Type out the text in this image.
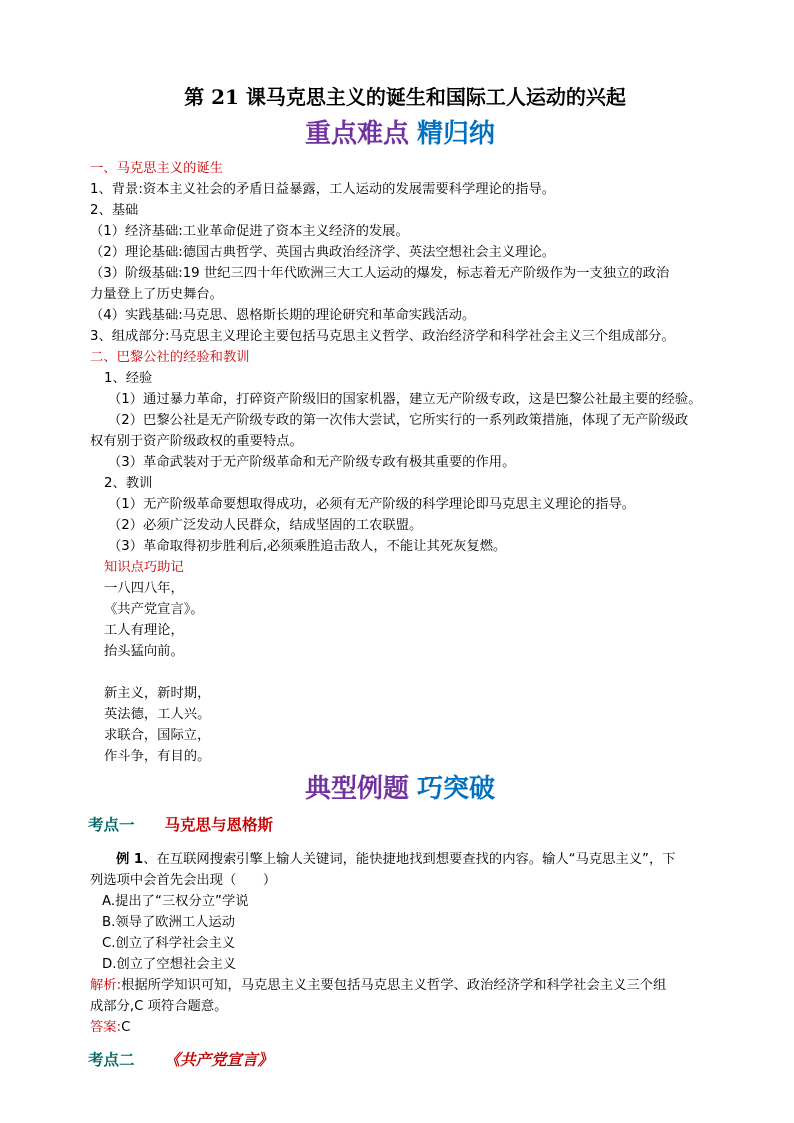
第 21 课马克思主义的诞生和国际工人运动的兴起
重点难点 精归纳

一、马克思主义的诞生

1、背景:资本主义社会的矛盾日益暴露，工人运动的发展需要科学理论的指导。

2、基础

（1）经济基础:工业革命促进了资本主义经济的发展。

（2）理论基础:德国古典哲学、英国古典政治经济学、英法空想社会主义理论。

（3）阶级基础:19 世纪三四十年代欧洲三大工人运动的爆发，标志着无产阶级作为一支独立的政治

力量登上了历史舞台。

（4）实践基础:马克思、恩格斯长期的理论研究和革命实践活动。

3、组成部分:马克思主义理论主要包括马克思主义哲学、政治经济学和科学社会主义三个组成部分。

二、巴黎公社的经验和教训

1、经验

（1）通过暴力革命，打碎资产阶级旧的国家机器，建立无产阶级专政，这是巴黎公社最主要的经验。

（2）巴黎公社是无产阶级专政的第一次伟大尝试，它所实行的一系列政策措施，体现了无产阶级政

权有别于资产阶级政权的重要特点。

（3）革命武装对于无产阶级革命和无产阶级专政有极其重要的作用。

2、教训

（1）无产阶级革命要想取得成功，必须有无产阶级的科学理论即马克思主义理论的指导。

（2）必须广泛发动人民群众，结成坚固的工农联盟。

（3）革命取得初步胜利后,必须乘胜追击敌人，不能让其死灰复燃。

知识点巧助记

一八四八年，

《共产党宣言》。

工人有理论，

抬头猛向前。

新主义，新时期，

英法德，工人兴。

求联合，国际立，

作斗争，有目的。

典型例题 巧突破
考点一 马克思与恩格斯

例 1、在互联网搜索引擎上输人关键词，能快捷地找到想要查找的内容。输人“马克思主义”，下

列选项中会首先会出现（　　）

A.提出了“三权分立”学说

B.领导了欧洲工人运动

C.创立了科学社会主义

D.创立了空想社会主义

解析:根据所学知识可知，马克思主义主要包括马克思主义哲学、政治经济学和科学社会主义三个组

成部分,C 项符合题意。

答案:C

考点二 《共产党宣言》
